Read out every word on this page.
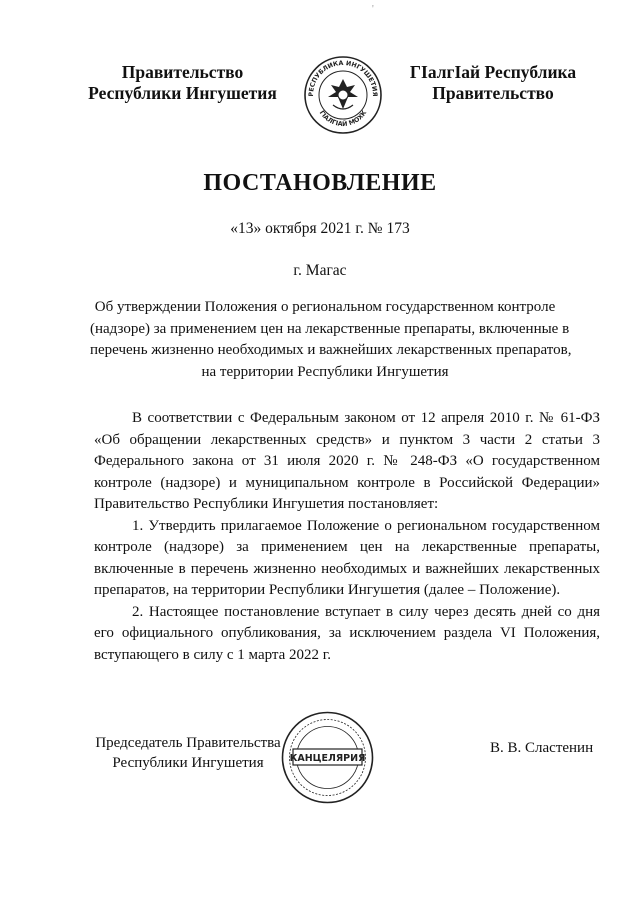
'
Правительство
Республики Ингушетия	РЕСПУБЛИКА ИНГУШЕТИЯ
ГIАЛГIАЙ МОХК
ГIалгIай Республика
Правительство
ПОСТАНОВЛЕНИЕ
«13» октября 2021 г. № 173
г. Магас
Об утверждении Положения о региональном государственном контроле
(надзоре) за применением цен на лекарственные препараты, включенные в
перечень жизненно необходимых и важнейших лекарственных препаратов,
на территории Республики Ингушетия

В соответствии с Федеральным законом от 12 апреля 2010 г. № 61-ФЗ «Об обращении лекарственных средств» и пунктом 3 части 2 статьи 3 Федерального закона от 31 июля 2020 г. № 248-ФЗ «О государственном контроле (надзоре) и муниципальном контроле в Российской Федерации» Правительство Республики Ингушетия постановляет:

1. Утвердить прилагаемое Положение о региональном государственном контроле (надзоре) за применением цен на лекарственные препараты, включенные в перечень жизненно необходимых и важнейших лекарственных препаратов, на территории Республики Ингушетия (далее – Положение).

2. Настоящее постановление вступает в силу через десять дней со дня его официального опубликования, за исключением раздела VI Положения, вступающего в силу с 1 марта 2022 г.

Председатель Правительства
Республики Ингушетия	КАНЦЕЛЯРИЯ
В. В. Сластенин
